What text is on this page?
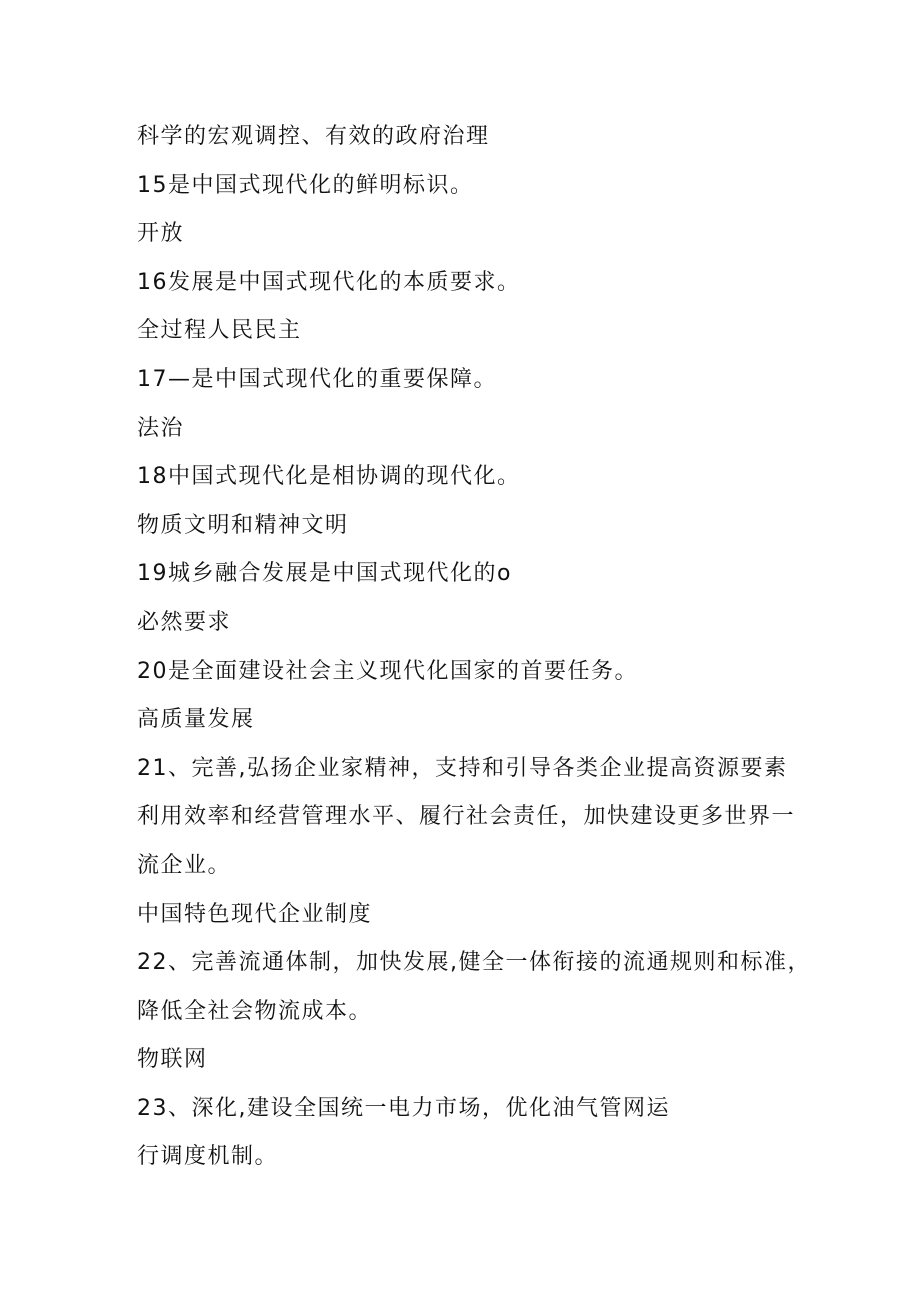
科学的宏观调控、有效的政府治理
15是中国式现代化的鲜明标识。
开放
16发展是中国式现代化的本质要求。
全过程人民民主
17—是中国式现代化的重要保障。
法治
18中国式现代化是相协调的现代化。
物质文明和精神文明
19城乡融合发展是中国式现代化的o
必然要求
20是全面建设社会主义现代化国家的首要任务。
高质量发展
21、完善,弘扬企业家精神，支持和引导各类企业提高资源要素
利用效率和经营管理水平、履行社会责任，加快建设更多世界一
流企业。
中国特色现代企业制度
22、完善流通体制，加快发展,健全一体衔接的流通规则和标准，
降低全社会物流成本。
物联网
23、深化,建设全国统一电力市场，优化油气管网运
行调度机制。
